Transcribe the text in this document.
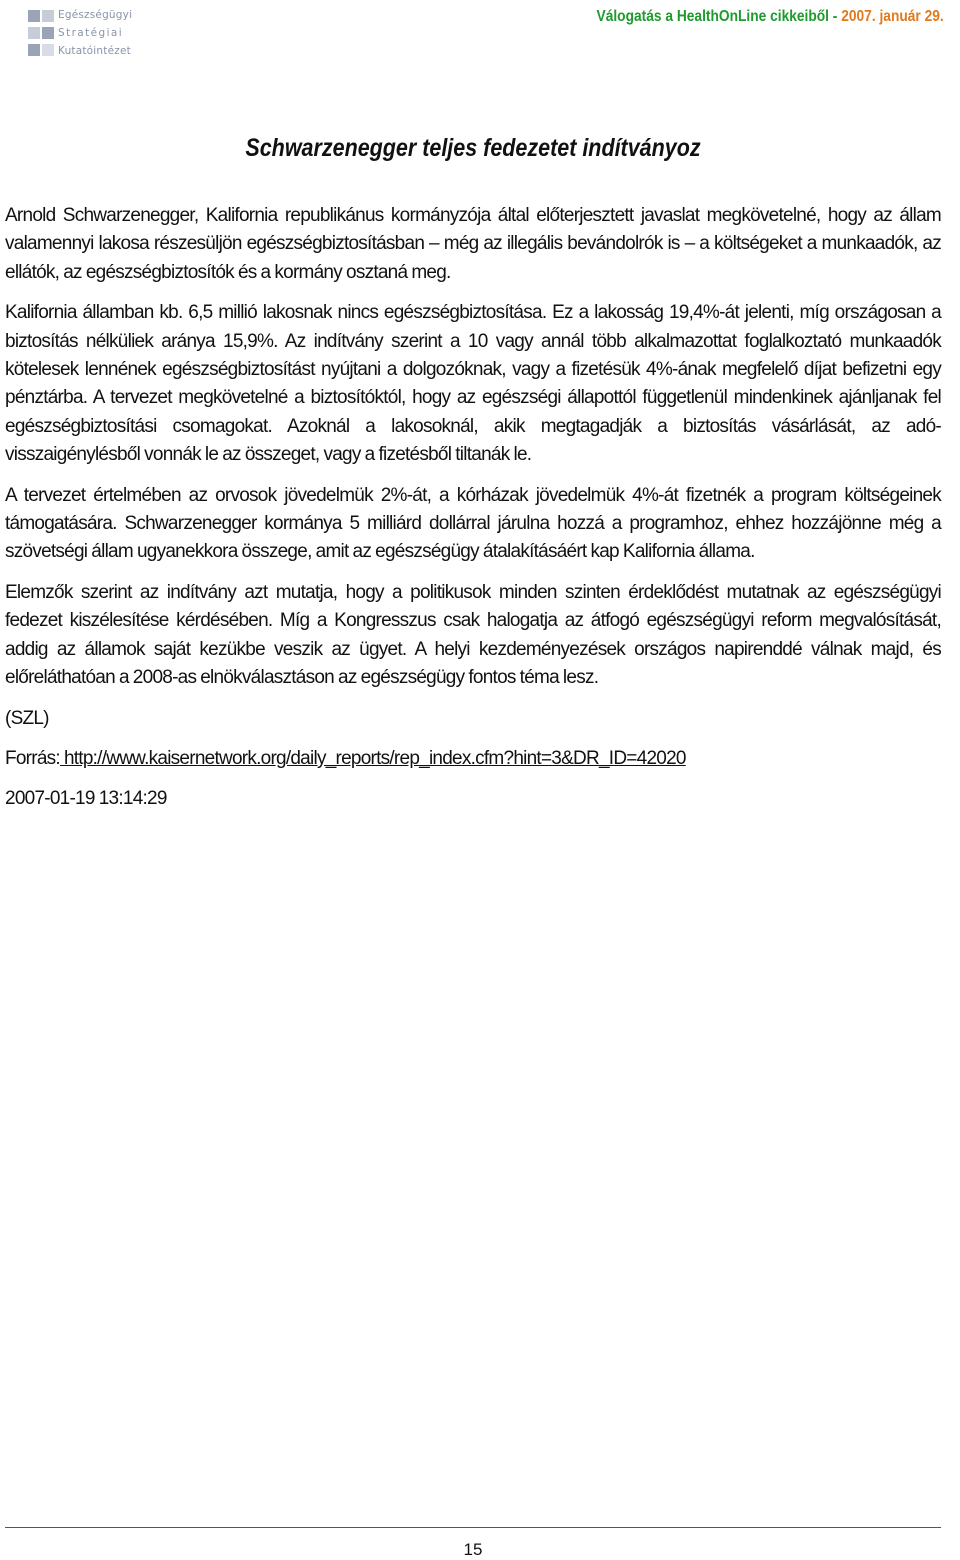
Egészségügyi
Stratégiai
Kutatóintézet
Válogatás a HealthOnLine cikkeiből - 2007. január 29.
Schwarzenegger teljes fedezetet indítványoz

Arnold Schwarzenegger, Kalifornia republikánus kormányzója által előterjesztett javaslat megkövetelné, hogy az állam valamennyi lakosa részesüljön egészségbiztosításban – még az illegális bevándolrók is – a költségeket a munkaadók, az ellátók, az egészségbiztosítók és a kormány osztaná meg.

Kalifornia államban kb. 6,5 millió lakosnak nincs egészségbiztosítása. Ez a lakosság 19,4%-át jelenti, míg országosan a biztosítás nélküliek aránya 15,9%. Az indítvány szerint a 10 vagy annál több alkalmazottat foglalkoztató munkaadók kötelesek lennének egészségbiztosítást nyújtani a dolgozóknak, vagy a fizetésük 4%-ának megfelelő díjat befizetni egy pénztárba. A tervezet megkövetelné a biztosítóktól, hogy az egészségi állapottól függetlenül mindenkinek ajánljanak fel egészségbiztosítási csomagokat. Azoknál a lakosoknál, akik megtagadják a biztosítás vásárlását, az adó-visszaigénylésből vonnák le az összeget, vagy a fizetésből tiltanák le.

A tervezet értelmében az orvosok jövedelmük 2%-át, a kórházak jövedelmük 4%-át fizetnék a program költségeinek támogatására. Schwarzenegger kormánya 5 milliárd dollárral járulna hozzá a programhoz, ehhez hozzájönne még a szövetségi állam ugyanekkora összege, amit az egészségügy átalakításáért kap Kalifornia állama.

Elemzők szerint az indítvány azt mutatja, hogy a politikusok minden szinten érdeklődést mutatnak az egészségügyi fedezet kiszélesítése kérdésében. Míg a Kongresszus csak halogatja az átfogó egészségügyi reform megvalósítását, addig az államok saját kezükbe veszik az ügyet. A helyi kezdeményezések országos napirenddé válnak majd, és előreláthatóan a 2008-as elnökválasztáson az egészségügy fontos téma lesz.

(SZL)

Forrás: http://www.kaisernetwork.org/daily_reports/rep_index.cfm?hint=3&DR_ID=42020

2007-01-19 13:14:29

15
